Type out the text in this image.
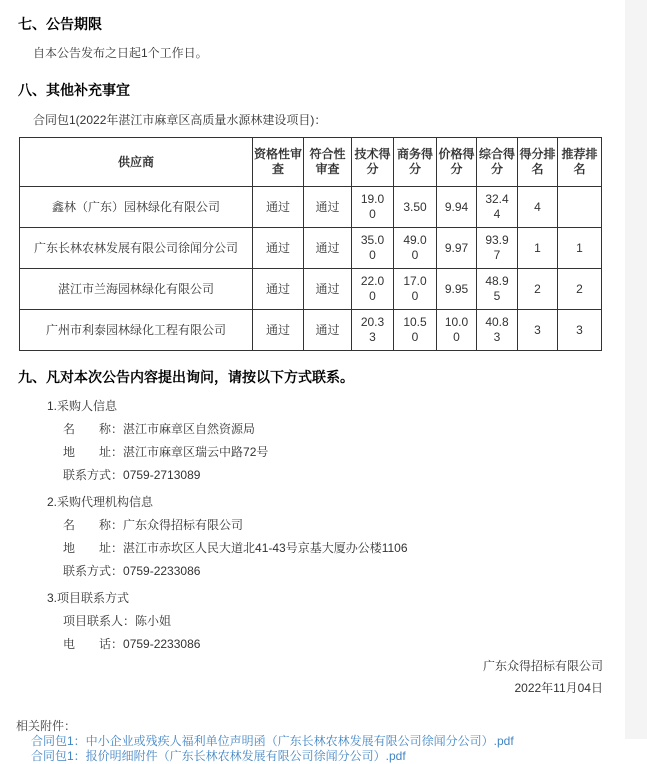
七、公告期限
自本公告发布之日起1个工作日。
八、其他补充事宜
合同包1(2022年湛江市麻章区高质量水源林建设项目)：
供应商	资格性审查	符合性审查	技术得分	商务得分	价格得分	综合得分	得分排名	推荐排名
鑫林（广东）园林绿化有限公司	通过	通过	19.00	3.50	9.94	32.44	4	
广东长林农林发展有限公司徐闻分公司	通过	通过	35.00	49.00	9.97	93.97	1	1
湛江市兰海园林绿化有限公司	通过	通过	22.00	17.00	9.95	48.95	2	2
广州市利泰园林绿化工程有限公司	通过	通过	20.33	10.50	10.00	40.83	3	3
九、凡对本次公告内容提出询问，请按以下方式联系。
1.采购人信息
名　　称：湛江市麻章区自然资源局
地　　址：湛江市麻章区瑞云中路72号
联系方式：0759-2713089
2.采购代理机构信息
名　　称：广东众得招标有限公司
地　　址：湛江市赤坎区人民大道北41-43号京基大厦办公楼1106
联系方式：0759-2233086
3.项目联系方式
项目联系人：陈小姐
电　　话：0759-2233086
广东众得招标有限公司
2022年11月04日
相关附件：
合同包1：中小企业或残疾人福利单位声明函（广东长林农林发展有限公司徐闻分公司）.pdf
合同包1：报价明细附件（广东长林农林发展有限公司徐闻分公司）.pdf
